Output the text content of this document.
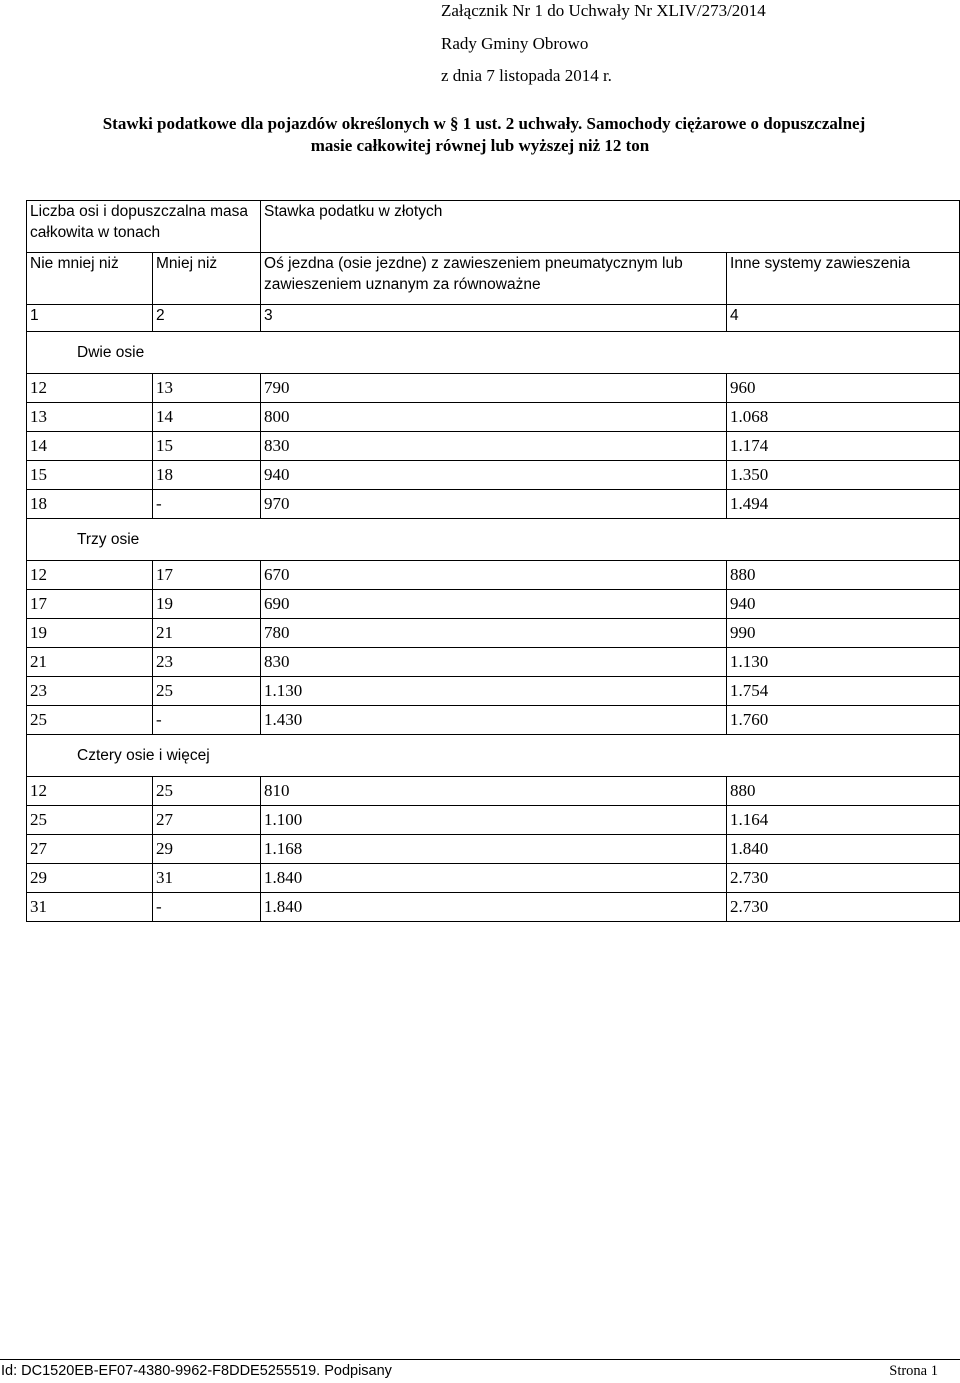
Załącznik Nr 1 do Uchwały Nr XLIV/273/2014
Rady Gminy Obrowo
z dnia 7 listopada 2014 r.
Stawki podatkowe dla pojazdów określonych w § 1 ust. 2 uchwały. Samochody ciężarowe o dopuszczalnej
masie całkowitej równej lub wyższej niż 12 ton
Liczba osi i dopuszczalna masa całkowita w tonach		Stawka podatku w złotych	
Nie mniej niż	Mniej niż	Oś jezdna (osie jezdne) z zawieszeniem pneumatycznym lub zawieszeniem uznanym za równoważne	Inne systemy zawieszenia
1	2	3	4
Dwie osie			
12	13	790	960
13	14	800	1.068
14	15	830	1.174
15	18	940	1.350
18	-	970	1.494
Trzy osie			
12	17	670	880
17	19	690	940
19	21	780	990
21	23	830	1.130
23	25	1.130	1.754
25	-	1.430	1.760
Cztery osie i więcej			
12	25	810	880
25	27	1.100	1.164
27	29	1.168	1.840
29	31	1.840	2.730
31	-	1.840	2.730
Id: DC1520EB-EF07-4380-9962-F8DDE5255519. Podpisany	Strona 1
